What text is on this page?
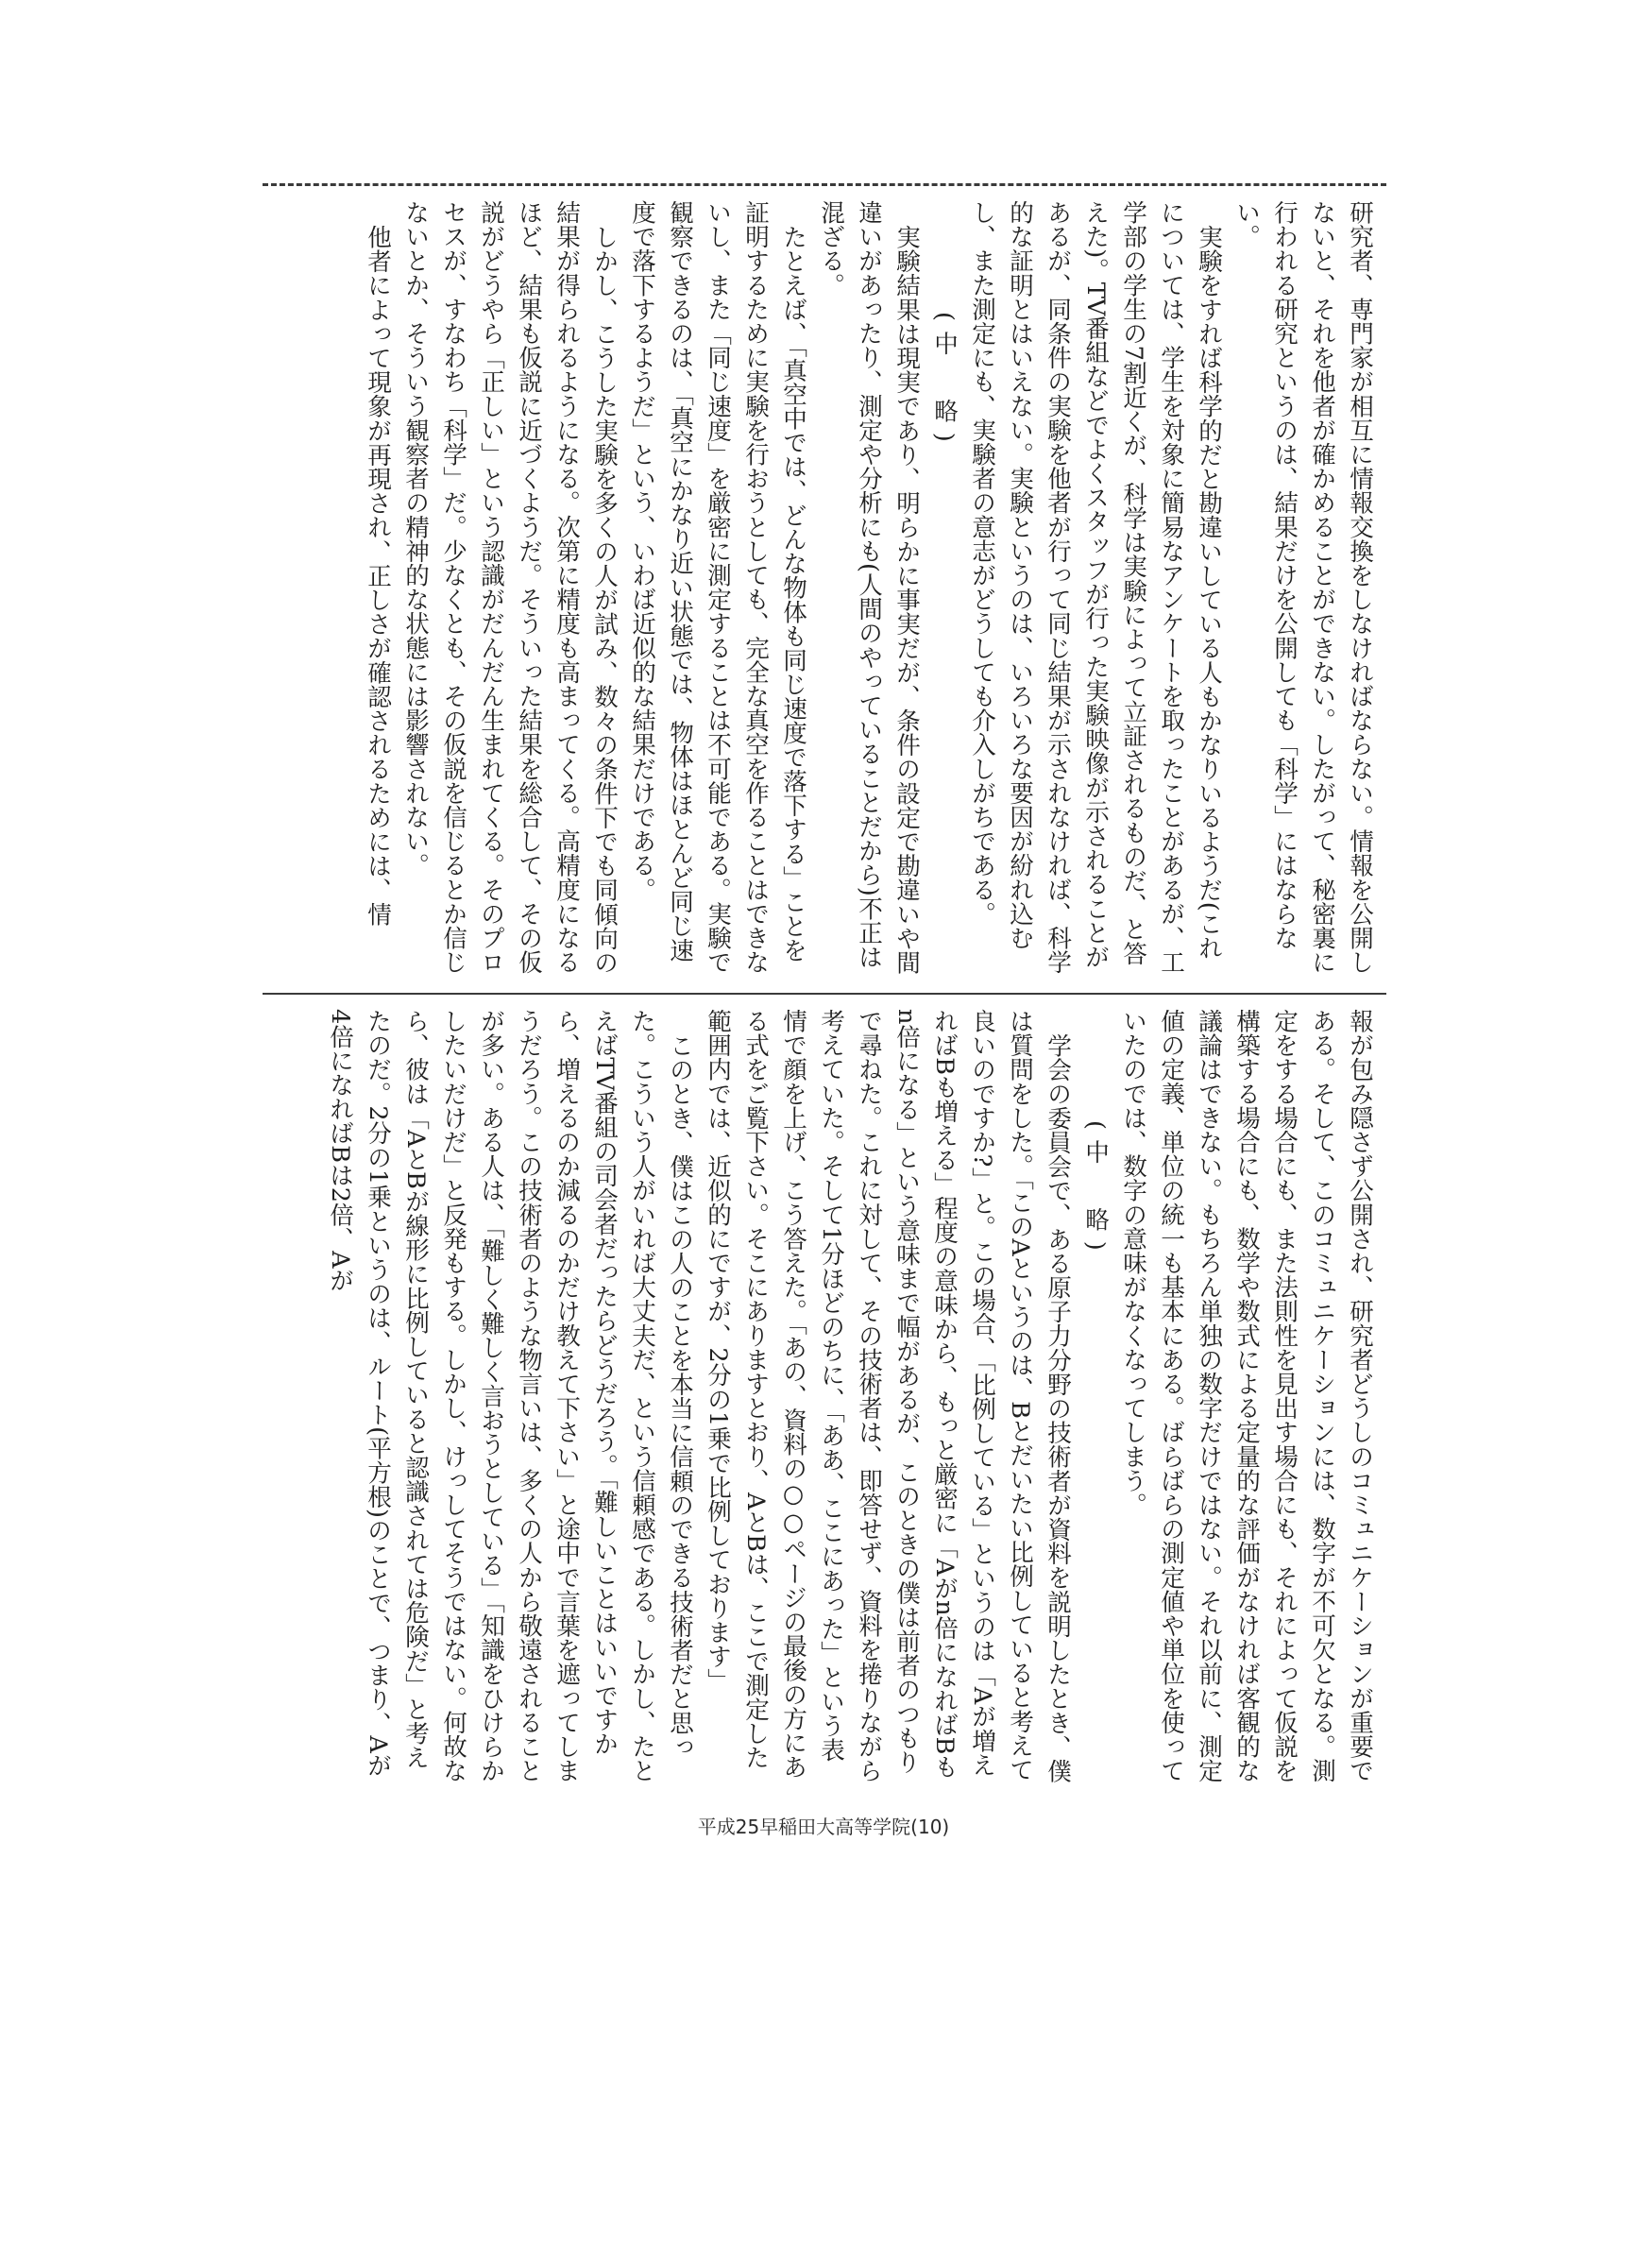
研究者、専門家が相互に情報交換をしなければならない。情報を公開しないと、それを他者が確かめることができない。したがって、秘密裏に行われる研究というのは、結果だけを公開しても「科学」にはならない。

実験をすれば科学的だと勘違いしている人もかなりいるようだ(これについては、学生を対象に簡易なアンケートを取ったことがあるが、工学部の学生の7割近くが、科学は実験によって立証されるものだ、と答えた)。TV番組などでよくスタッフが行った実験映像が示されることがあるが、同条件の実験を他者が行って同じ結果が示されなければ、科学的な証明とはいえない。実験というのは、いろいろな要因が紛れ込むし、また測定にも、実験者の意志がどうしても介入しがちである。

(中　略)

実験結果は現実であり、明らかに事実だが、条件の設定で勘違いや間違いがあったり、測定や分析にも(人間のやっていることだから)不正は混ざる。

たとえば、「真空中では、どんな物体も同じ速度で落下する」ことを証明するために実験を行おうとしても、完全な真空を作ることはできないし、また「同じ速度」を厳密に測定することは不可能である。実験で観察できるのは、「真空にかなり近い状態では、物体はほとんど同じ速度で落下するようだ」という、いわば近似的な結果だけである。

しかし、こうした実験を多くの人が試み、数々の条件下でも同傾向の結果が得られるようになる。次第に精度も高まってくる。高精度になるほど、結果も仮説に近づくようだ。そういった結果を総合して、その仮説がどうやら「正しい」という認識がだんだん生まれてくる。そのプロセスが、すなわち「科学」だ。少なくとも、その仮説を信じるとか信じないとか、そういう観察者の精神的な状態には影響されない。

他者によって現象が再現され、正しさが確認されるためには、情

報が包み隠さず公開され、研究者どうしのコミュニケーションが重要である。そして、このコミュニケーションには、数字が不可欠となる。測定をする場合にも、また法則性を見出す場合にも、それによって仮説を構築する場合にも、数学や数式による定量的な評価がなければ客観的な議論はできない。もちろん単独の数字だけではない。それ以前に、測定値の定義、単位の統一も基本にある。ばらばらの測定値や単位を使っていたのでは、数字の意味がなくなってしまう。

(中　略)

学会の委員会で、ある原子力分野の技術者が資料を説明したとき、僕は質問をした。「このAというのは、Bとだいたい比例していると考えて良いのですか?」と。この場合、「比例している」というのは「Aが増えればBも増える」程度の意味から、もっと厳密に「Aがn倍になればBもn倍になる」という意味まで幅があるが、このときの僕は前者のつもりで尋ねた。これに対して、その技術者は、即答せず、資料を捲りながら考えていた。そして1分ほどのちに、「ああ、ここにあった」という表情で顔を上げ、こう答えた。「あの、資料の○○ページの最後の方にある式をご覧下さい。そこにありますとおり、AとBは、ここで測定した範囲内では、近似的にですが、2分の1乗で比例しております」

このとき、僕はこの人のことを本当に信頼のできる技術者だと思った。こういう人がいれば大丈夫だ、という信頼感である。しかし、たとえばTV番組の司会者だったらどうだろう。「難しいことはいいですから、増えるのか減るのかだけ教えて下さい」と途中で言葉を遮ってしまうだろう。この技術者のような物言いは、多くの人から敬遠されることが多い。ある人は、「難しく難しく言おうとしている」「知識をひけらかしたいだけだ」と反発もする。しかし、けっしてそうではない。何故なら、彼は「AとBが線形に比例していると認識されては危険だ」と考えたのだ。2分の1乗というのは、ルート(平方根)のことで、つまり、Aが4倍になればBは2倍、Aが

平成25早稲田大高等学院(10)
